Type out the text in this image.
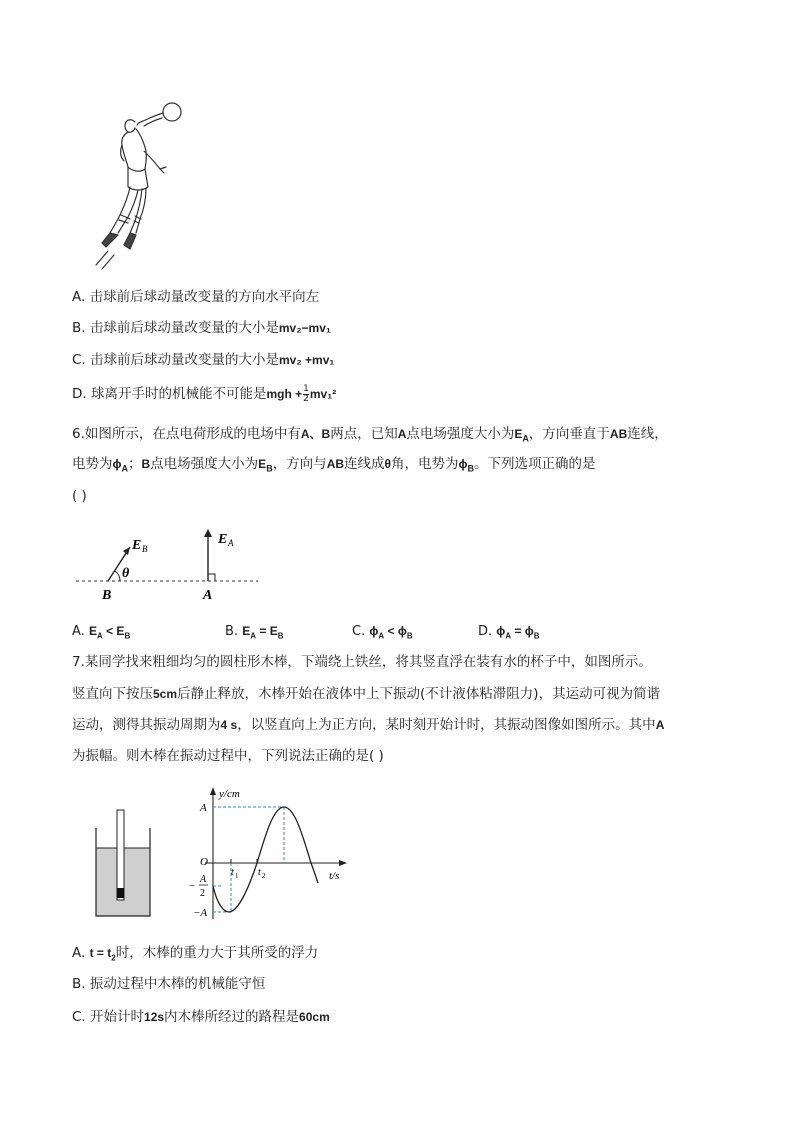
A. 击球前后球动量改变量的方向水平向左
B. 击球前后球动量改变量的大小是mv₂−mv₁
C. 击球前后球动量改变量的大小是mv₂ +mv₁
D. 球离开手时的机械能不可能是mgh + $\frac{1}{2} mv_1^2$
6.如图所示，在点电荷形成的电场中有A、B两点，已知A点电场强度大小为$E_A$，方向垂直于AB连线，
电势为$\phi_A$；B点电场强度大小为$E_B$，方向与AB连线成θ角，电势为$\phi_B$。下列选项正确的是
( )
E B
E A
θ
B	A
A. $E_A < E_B$	B. $E_A = E_B$	C. $\phi_A < \phi_B$	D. $\phi_A = \phi_B$
7.某同学找来粗细均匀的圆柱形木棒，下端绕上铁丝，将其竖直浮在装有水的杯子中，如图所示。
竖直向下按压5cm后静止释放，木棒开始在液体中上下振动(不计液体粘滞阻力)，其运动可视为简谐
运动，测得其振动周期为4 s，以竖直向上为正方向，某时刻开始计时，其振动图像如图所示。其中A
为振幅。则木棒在振动过程中，下列说法正确的是( )
y/cm
t/s
A
O
−A
−
A
2
t 1 t 2
A. $t = t_2$时，木棒的重力大于其所受的浮力
B. 振动过程中木棒的机械能守恒
C. 开始计时12s内木棒所经过的路程是60cm
